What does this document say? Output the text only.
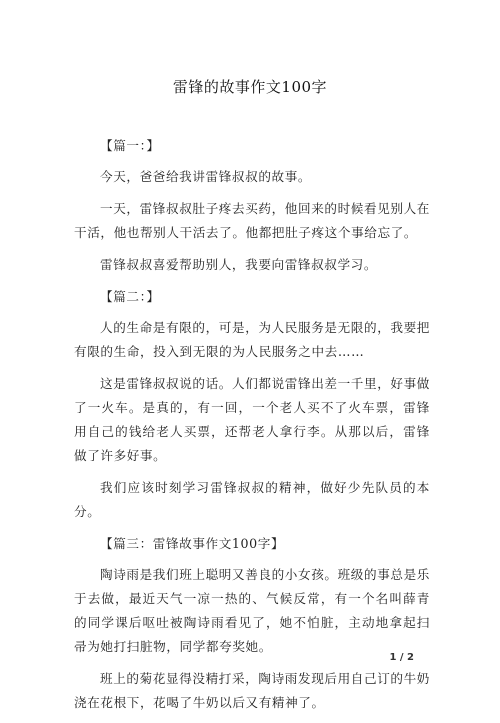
雷锋的故事作文100字

【篇一：】

今天，爸爸给我讲雷锋叔叔的故事。

一天，雷锋叔叔肚子疼去买药，他回来的时候看见别人在干活，他也帮别人干活去了。他都把肚子疼这个事给忘了。

雷锋叔叔喜爱帮助别人，我要向雷锋叔叔学习。

【篇二：】

人的生命是有限的，可是，为人民服务是无限的，我要把有限的生命，投入到无限的为人民服务之中去……

这是雷锋叔叔说的话。人们都说雷锋出差一千里，好事做了一火车。是真的，有一回，一个老人买不了火车票，雷锋用自己的钱给老人买票，还帮老人拿行李。从那以后，雷锋做了许多好事。

我们应该时刻学习雷锋叔叔的精神，做好少先队员的本分。

【篇三：雷锋故事作文100字】

陶诗雨是我们班上聪明又善良的小女孩。班级的事总是乐于去做，最近天气一凉一热的、气候反常，有一个名叫薛青的同学课后呕吐被陶诗雨看见了，她不怕脏，主动地拿起扫帚为她打扫脏物，同学都夸奖她。

班上的菊花显得没精打采，陶诗雨发现后用自己订的牛奶浇在花根下，花喝了牛奶以后又有精神了。

1 / 2
